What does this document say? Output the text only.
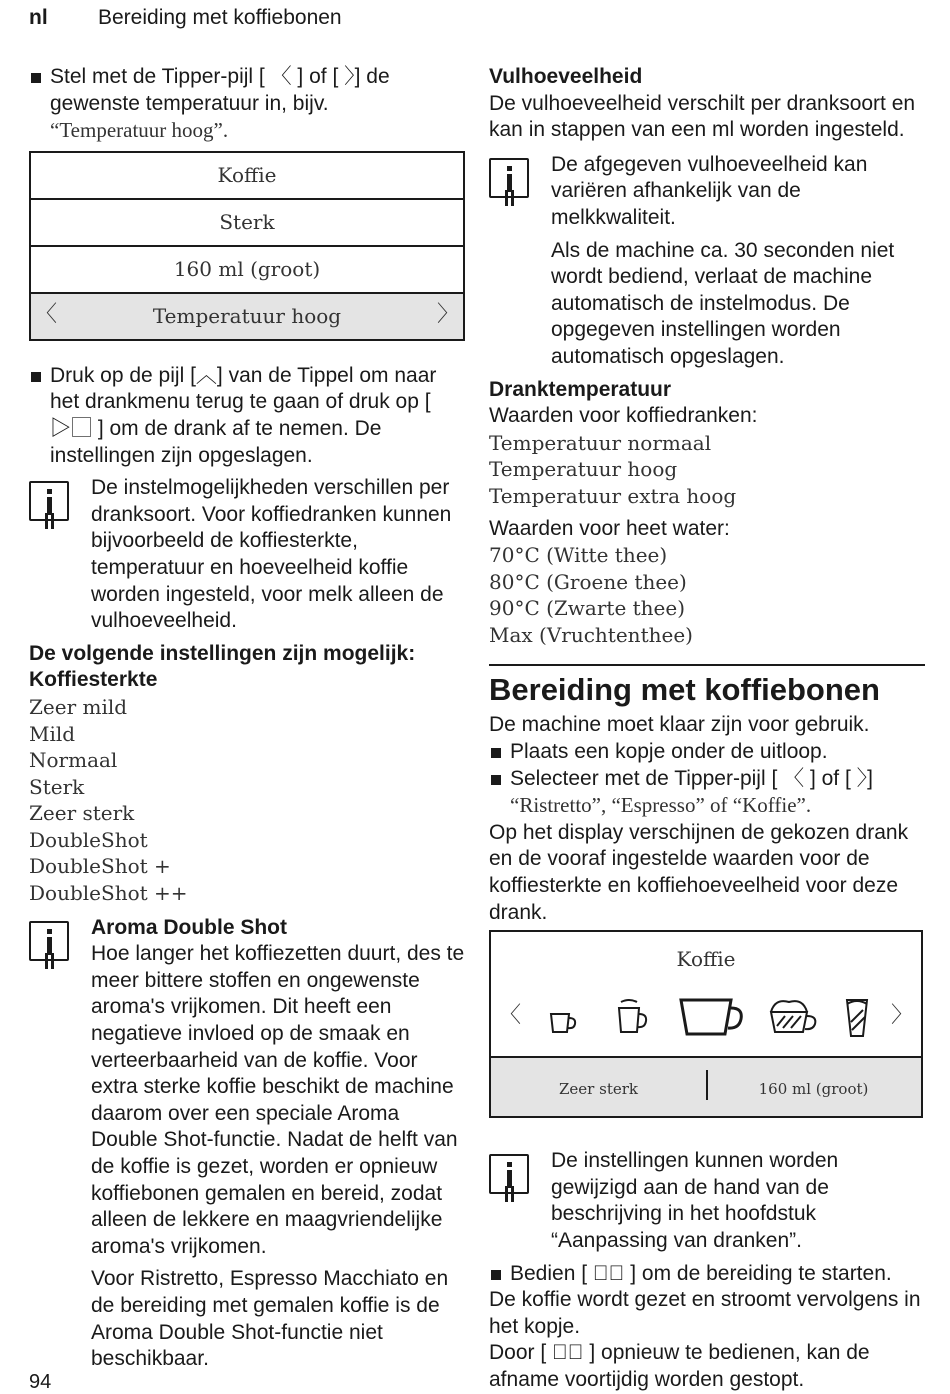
nl Bereiding met koffiebonen

Stel met de Tipper-pijl [ 〈 ] of [ 〉] de gewenste temperatuur in, bijv.
“Temperatuur hoog”.

Koffie
Sterk
160 ml (groot)
〈	Temperatuur hoog	〉

Druk op de pijl [︿] van de Tippel om naar het drankmenu terug te gaan of druk op [ ▷⃞ ] om de drank af te nemen. De instellingen zijn opgeslagen.

De instelmogelijkheden verschillen per dranksoort. Voor koffiedranken kunnen bijvoorbeeld de koffiesterkte, temperatuur en hoeveelheid koffie worden ingesteld, voor melk alleen de vulhoeveelheid.

De volgende instellingen zijn mogelijk:

Koffiesterkte

Zeer mild
Mild
Normaal
Sterk
Zeer sterk
DoubleShot
DoubleShot +
DoubleShot ++

Aroma Double Shot

Hoe langer het koffiezetten duurt, des te meer bittere stoffen en ongewenste aroma's vrijkomen. Dit heeft een negatieve invloed op de smaak en verteerbaarheid van de koffie. Voor extra sterke koffie beschikt de machine daarom over een speciale Aroma Double Shot-functie. Nadat de helft van de koffie is gezet, worden er opnieuw koffiebonen gemalen en bereid, zodat alleen de lekkere en maagvriendelijke aroma's vrijkomen.

Voor Ristretto, Espresso Macchiato en de bereiding met gemalen koffie is de Aroma Double Shot-functie niet beschikbaar.

Vulhoeveelheid

De vulhoeveelheid verschilt per dranksoort en kan in stappen van een ml worden ingesteld.

De afgegeven vulhoeveelheid kan variëren afhankelijk van de melkkwaliteit.

Als de machine ca. 30 seconden niet wordt bediend, verlaat de machine automatisch de instelmodus. De opgegeven instellingen worden automatisch opgeslagen.

Dranktemperatuur

Waarden voor koffiedranken:

Temperatuur normaal
Temperatuur hoog
Temperatuur extra hoog

Waarden voor heet water:

70°C (Witte thee)
80°C (Groene thee)
90°C (Zwarte thee)
Max (Vruchtenthee)
Bereiding met koffiebonen

De machine moet klaar zijn voor gebruik.

Plaats een kopje onder de uitloop.

Selecteer met de Tipper-pijl [ 〈 ] of [ 〉]
“Ristretto”, “Espresso” of “Koffie”.

Op het display verschijnen de gekozen drank en de vooraf ingestelde waarden voor de koffiesterkte en koffiehoeveelheid voor deze drank.

Koffie
〈	〉
Zeer sterk	160 ml (groot)

De instellingen kunnen worden gewijzigd aan de hand van de beschrijving in het hoofdstuk “Aanpassing van dranken”.

Bedien [ ▷⃞ ] om de bereiding te starten.

De koffie wordt gezet en stroomt vervolgens in het kopje.

Door [ ▷⃞ ] opnieuw te bedienen, kan de afname voortijdig worden gestopt.

94
